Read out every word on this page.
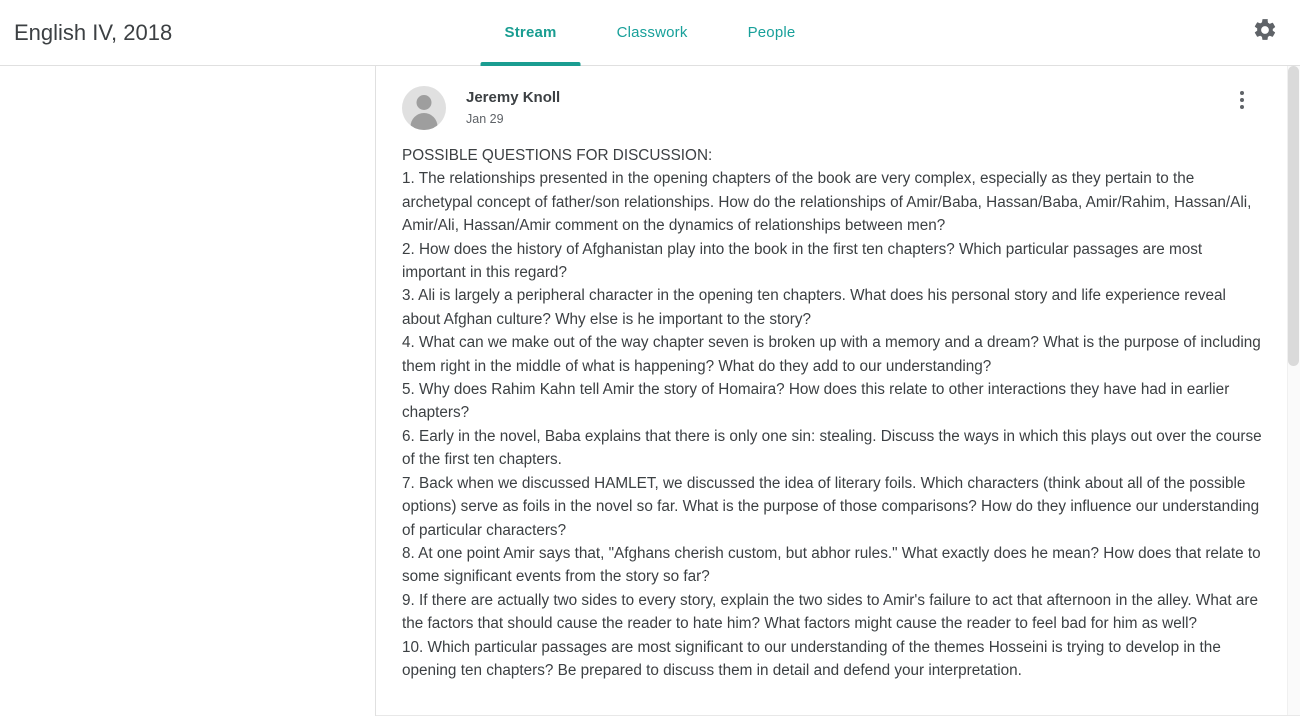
English IV, 2018	Stream	Classwork	People
Jeremy Knoll
Jan 29

POSSIBLE QUESTIONS FOR DISCUSSION:

1. The relationships presented in the opening chapters of the book are very complex, especially as they pertain to the archetypal concept of father/son relationships. How do the relationships of Amir/Baba, Hassan/Baba, Amir/Rahim, Hassan/Ali, Amir/Ali, Hassan/Amir comment on the dynamics of relationships between men?

2. How does the history of Afghanistan play into the book in the first ten chapters? Which particular passages are most important in this regard?

3. Ali is largely a peripheral character in the opening ten chapters. What does his personal story and life experience reveal about Afghan culture? Why else is he important to the story?

4. What can we make out of the way chapter seven is broken up with a memory and a dream? What is the purpose of including them right in the middle of what is happening? What do they add to our understanding?

5. Why does Rahim Kahn tell Amir the story of Homaira? How does this relate to other interactions they have had in earlier chapters?

6. Early in the novel, Baba explains that there is only one sin: stealing. Discuss the ways in which this plays out over the course of the first ten chapters.

7. Back when we discussed HAMLET, we discussed the idea of literary foils. Which characters (think about all of the possible options) serve as foils in the novel so far. What is the purpose of those comparisons? How do they influence our understanding of particular characters?

8. At one point Amir says that, "Afghans cherish custom, but abhor rules." What exactly does he mean? How does that relate to some significant events from the story so far?

9. If there are actually two sides to every story, explain the two sides to Amir's failure to act that afternoon in the alley. What are the factors that should cause the reader to hate him? What factors might cause the reader to feel bad for him as well?

10. Which particular passages are most significant to our understanding of the themes Hosseini is trying to develop in the opening ten chapters? Be prepared to discuss them in detail and defend your interpretation.
